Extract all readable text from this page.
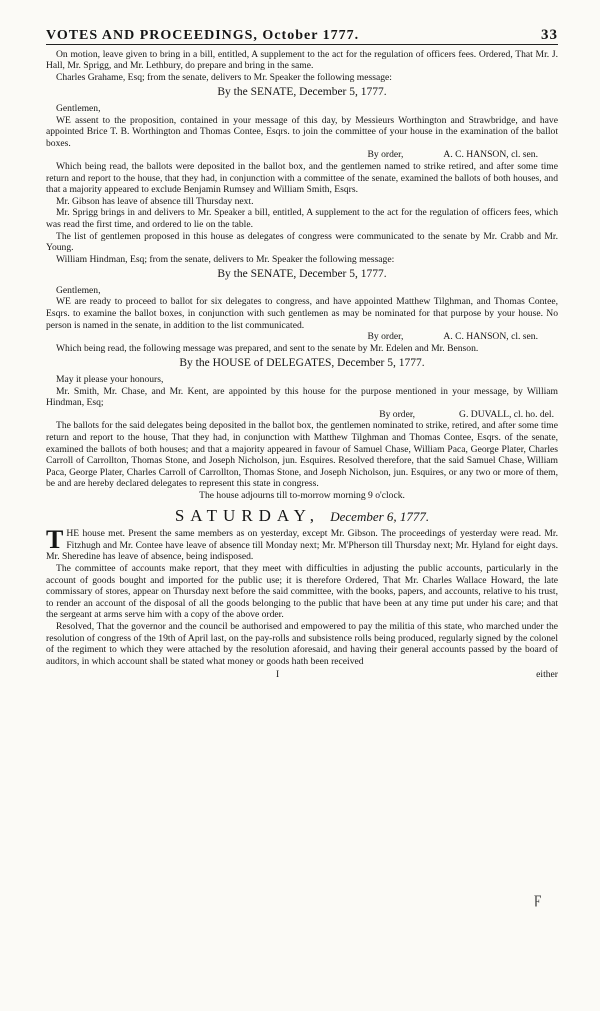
VOTES AND PROCEEDINGS, October 1777.	33

On motion, leave given to bring in a bill, entitled, A supplement to the act for the regulation of officers fees. Ordered, That Mr. J. Hall, Mr. Sprigg, and Mr. Lethbury, do prepare and bring in the same.

Charles Grahame, Esq; from the senate, delivers to Mr. Speaker the following message:

By the SENATE, December 5, 1777.

Gentlemen,

WE assent to the proposition, contained in your message of this day, by Messieurs Worthington and Strawbridge, and have appointed Brice T. B. Worthington and Thomas Contee, Esqrs. to join the committee of your house in the examination of the ballot boxes.

By order,	A. C. HANSON, cl. sen.

Which being read, the ballots were deposited in the ballot box, and the gentlemen named to strike retired, and after some time return and report to the house, that they had, in conjunction with a committee of the senate, examined the ballots of both houses, and that a majority appeared to exclude Benjamin Rumsey and William Smith, Esqrs.

Mr. Gibson has leave of absence till Thursday next.

Mr. Sprigg brings in and delivers to Mr. Speaker a bill, entitled, A supplement to the act for the regulation of officers fees, which was read the first time, and ordered to lie on the table.

The list of gentlemen proposed in this house as delegates of congress were communicated to the senate by Mr. Crabb and Mr. Young.

William Hindman, Esq; from the senate, delivers to Mr. Speaker the following message:

By the SENATE, December 5, 1777.

Gentlemen,

WE are ready to proceed to ballot for six delegates to congress, and have appointed Matthew Tilghman, and Thomas Contee, Esqrs. to examine the ballot boxes, in conjunction with such gentlemen as may be nominated for that purpose by your house. No person is named in the senate, in addition to the list communicated.

By order,	A. C. HANSON, cl. sen.

Which being read, the following message was prepared, and sent to the senate by Mr. Edelen and Mr. Benson.

By the HOUSE of DELEGATES, December 5, 1777.

May it please your honours,

Mr. Smith, Mr. Chase, and Mr. Kent, are appointed by this house for the purpose mentioned in your message, by William Hindman, Esq;

By order,	G. DUVALL, cl. ho. del.

The ballots for the said delegates being deposited in the ballot box, the gentlemen nominated to strike, retired, and after some time return and report to the house, That they had, in conjunction with Matthew Tilghman and Thomas Contee, Esqrs. of the senate, examined the ballots of both houses; and that a majority appeared in favour of Samuel Chase, William Paca, George Plater, Charles Carroll of Carrollton, Thomas Stone, and Joseph Nicholson, jun. Esquires. Resolved therefore, that the said Samuel Chase, William Paca, George Plater, Charles Carroll of Carrollton, Thomas Stone, and Joseph Nicholson, jun. Esquires, or any two or more of them, be and are hereby declared delegates to represent this state in congress.

The house adjourns till to-morrow morning 9 o'clock.

SATURDAY, December 6, 1777.

THE house met. Present the same members as on yesterday, except Mr. Gibson. The proceedings of yesterday were read. Mr. Fitzhugh and Mr. Contee have leave of absence till Monday next; Mr. M'Pherson till Thursday next; Mr. Hyland for eight days. Mr. Sheredine has leave of absence, being indisposed.

The committee of accounts make report, that they meet with difficulties in adjusting the public accounts, particularly in the account of goods bought and imported for the public use; it is therefore Ordered, That Mr. Charles Wallace Howard, the late commissary of stores, appear on Thursday next before the said committee, with the books, papers, and accounts, relative to his trust, to render an account of the disposal of all the goods belonging to the public that have been at any time put under his care; and that the sergeant at arms serve him with a copy of the above order.

Resolved, That the governor and the council be authorised and empowered to pay the militia of this state, who marched under the resolution of congress of the 19th of April last, on the pay-rolls and subsistence rolls being produced, regularly signed by the colonel of the regiment to which they were attached by the resolution aforesaid, and having their general accounts passed by the board of auditors, in which account shall be stated what money or goods hath been received

I	either
ϝ
